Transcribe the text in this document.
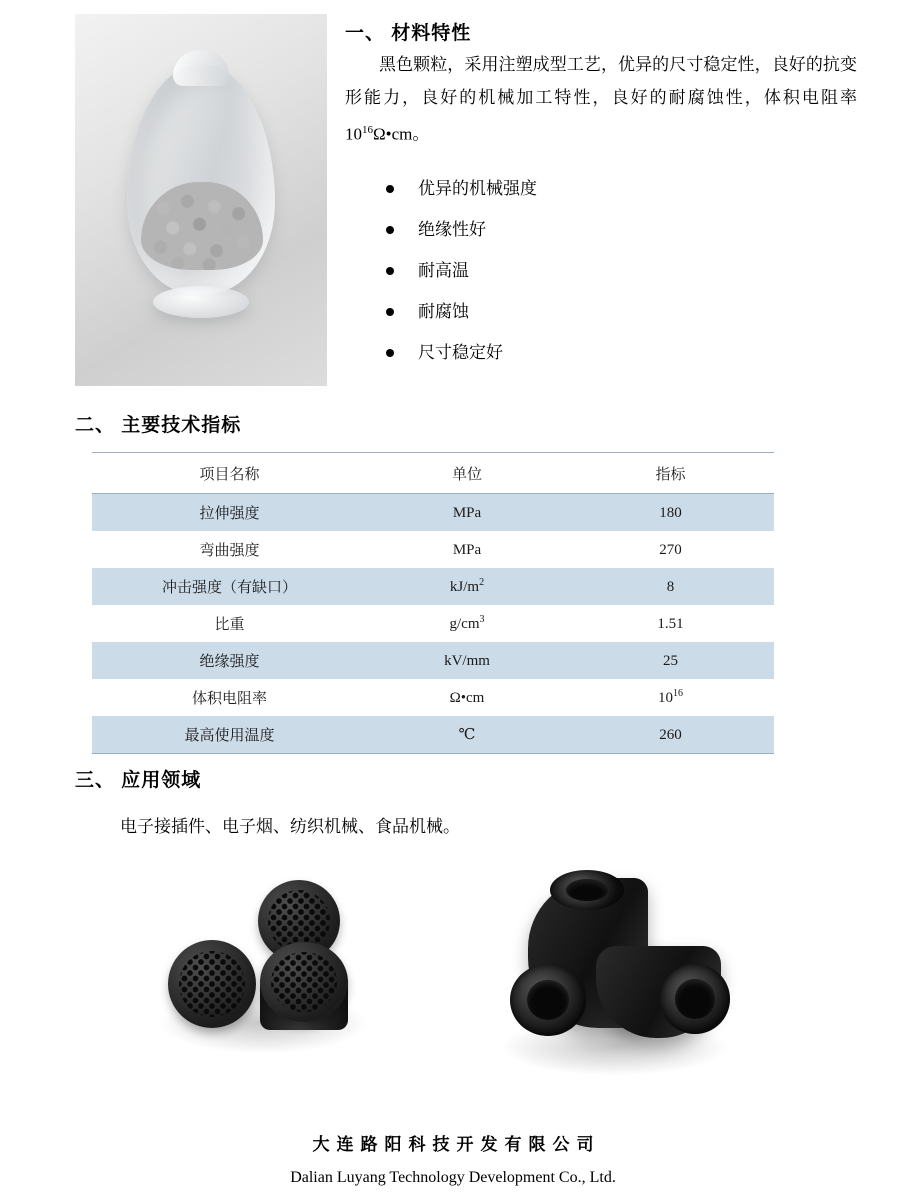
一、 材料特性
黑色颗粒，采用注塑成型工艺，优异的尺寸稳定性，良好的抗变形能力，良好的机械加工特性，良好的耐腐蚀性，体积电阻率$10^{16}\Omega•cm$。
优异的机械强度
绝缘性好
耐高温
耐腐蚀
尺寸稳定好
二、 主要技术指标
项目名称	单位	指标
拉伸强度	MPa	180
弯曲强度	MPa	270
冲击强度（有缺口）	$kJ/m^2$	8
比重	$g/cm^3$	1.51
绝缘强度	kV/mm	25
体积电阻率	Ω•cm	$10^{16}$
最高使用温度	℃	260
三、 应用领域
电子接插件、电子烟、纺织机械、食品机械。
大连路阳科技开发有限公司
Dalian Luyang Technology Development Co., Ltd.
